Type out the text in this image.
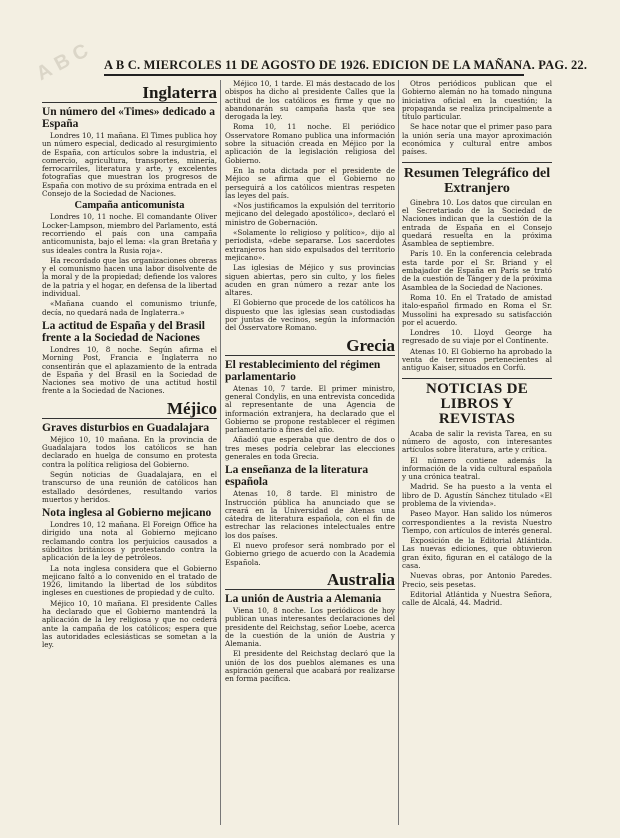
ABC A B C. MIERCOLES 11 DE AGOSTO DE 1926. EDICION DE LA MAÑANA. PAG. 22.
Inglaterra
Un número del «Times» dedicado a España

Londres 10, 11 mañana. El Times publica hoy un número especial, dedicado al resurgimiento de España, con artículos sobre la industria, el comercio, agricultura, transportes, minería, ferrocarriles, literatura y arte, y excelentes fotografías que muestran los progresos de España con motivo de su próxima entrada en el Consejo de la Sociedad de Naciones.

Campaña anticomunista

Londres 10, 11 noche. El comandante Oliver Locker-Lampson, miembro del Parlamento, está recorriendo el país con una campaña anticomunista, bajo el lema: «la gran Bretaña y sus ideales contra la Rusia roja».

Ha recordado que las organizaciones obreras y el comunismo hacen una labor disolvente de la moral y de la propiedad; defiende los valores de la patria y el hogar, en defensa de la libertad individual.

«Mañana cuando el comunismo triunfe, decía, no quedará nada de Inglaterra.»

La actitud de España y del Brasil frente a la Sociedad de Naciones

Londres 10, 8 noche. Según afirma el Morning Post, Francia e Inglaterra no consentirán que el aplazamiento de la entrada de España y del Brasil en la Sociedad de Naciones sea motivo de una actitud hostil frente a la Sociedad de Naciones.

Méjico
Graves disturbios en Guadalajara

Méjico 10, 10 mañana. En la provincia de Guadalajara todos los católicos se han declarado en huelga de consumo en protesta contra la política religiosa del Gobierno.

Según noticias de Guadalajara, en el transcurso de una reunión de católicos han estallado desórdenes, resultando varios muertos y heridos.

Nota inglesa al Gobierno mejicano

Londres 10, 12 mañana. El Foreign Office ha dirigido una nota al Gobierno mejicano reclamando contra los perjuicios causados a súbditos británicos y protestando contra la aplicación de la ley de petróleos.

La nota inglesa considera que el Gobierno mejicano faltó a lo convenido en el tratado de 1926, limitando la libertad de los súbditos ingleses en cuestiones de propiedad y de culto.

Méjico 10, 10 mañana. El presidente Calles ha declarado que el Gobierno mantendrá la aplicación de la ley religiosa y que no cederá ante la campaña de los católicos; espera que las autoridades eclesiásticas se sometan a la ley.

Méjico 10, 1 tarde. El más destacado de los obispos ha dicho al presidente Calles que la actitud de los católicos es firme y que no abandonarán su campaña hasta que sea derogada la ley.

Roma 10, 11 noche. El periódico Osservatore Romano publica una información sobre la situación creada en Méjico por la aplicación de la legislación religiosa del Gobierno.

En la nota dictada por el presidente de Méjico se afirma que el Gobierno no perseguirá a los católicos mientras respeten las leyes del país.

«Nos justificamos la expulsión del territorio mejicano del delegado apostólico», declaró el ministro de Gobernación.

«Solamente lo religioso y político», dijo al periodista, «debe separarse. Los sacerdotes extranjeros han sido expulsados del territorio mejicano».

Las iglesias de Méjico y sus provincias siguen abiertas, pero sin culto, y los fieles acuden en gran número a rezar ante los altares.

El Gobierno que procede de los católicos ha dispuesto que las iglesias sean custodiadas por juntas de vecinos, según la información del Osservatore Romano.

Grecia
El restablecimiento del régimen parlamentario

Atenas 10, 7 tarde. El primer ministro, general Condylis, en una entrevista concedida al representante de una Agencia de información extranjera, ha declarado que el Gobierno se propone restablecer el régimen parlamentario a fines del año.

Añadió que esperaba que dentro de dos o tres meses podría celebrar las elecciones generales en toda Grecia.

La enseñanza de la literatura española

Atenas 10, 8 tarde. El ministro de Instrucción pública ha anunciado que se creará en la Universidad de Atenas una cátedra de literatura española, con el fin de estrechar las relaciones intelectuales entre los dos países.

El nuevo profesor será nombrado por el Gobierno griego de acuerdo con la Academia Española.

Australia
La unión de Austria a Alemania

Viena 10, 8 noche. Los periódicos de hoy publican unas interesantes declaraciones del presidente del Reichstag, señor Loebe, acerca de la cuestión de la unión de Austria y Alemania.

El presidente del Reichstag declaró que la unión de los dos pueblos alemanes es una aspiración general que acabará por realizarse en forma pacífica.

Otros periódicos publican que el Gobierno alemán no ha tomado ninguna iniciativa oficial en la cuestión; la propaganda se realiza principalmente a título particular.

Se hace notar que el primer paso para la unión sería una mayor aproximación económica y cultural entre ambos países.

Resumen Telegráfico del Extranjero

Ginebra 10. Los datos que circulan en el Secretariado de la Sociedad de Naciones indican que la cuestión de la entrada de España en el Consejo quedará resuelta en la próxima Asamblea de septiembre.

París 10. En la conferencia celebrada esta tarde por el Sr. Briand y el embajador de España en París se trató de la cuestión de Tánger y de la próxima Asamblea de la Sociedad de Naciones.

Roma 10. En el Tratado de amistad italo-español firmado en Roma el Sr. Mussolini ha expresado su satisfacción por el acuerdo.

Londres 10. Lloyd George ha regresado de su viaje por el Continente.

Atenas 10. El Gobierno ha aprobado la venta de terrenos pertenecientes al antiguo Kaiser, situados en Corfú.

NOTICIAS DE LIBROS Y REVISTAS

Acaba de salir la revista Tarea, en su número de agosto, con interesantes artículos sobre literatura, arte y crítica.

El número contiene además la información de la vida cultural española y una crónica teatral.

Madrid. Se ha puesto a la venta el libro de D. Agustín Sánchez titulado «El problema de la vivienda».

Paseo Mayor. Han salido los números correspondientes a la revista Nuestro Tiempo, con artículos de interés general.

Exposición de la Editorial Atlántida. Las nuevas ediciones, que obtuvieron gran éxito, figuran en el catálogo de la casa.

Nuevas obras, por Antonio Paredes. Precio, seis pesetas.

Editorial Atlántida y Nuestra Señora, calle de Alcalá, 44. Madrid.
